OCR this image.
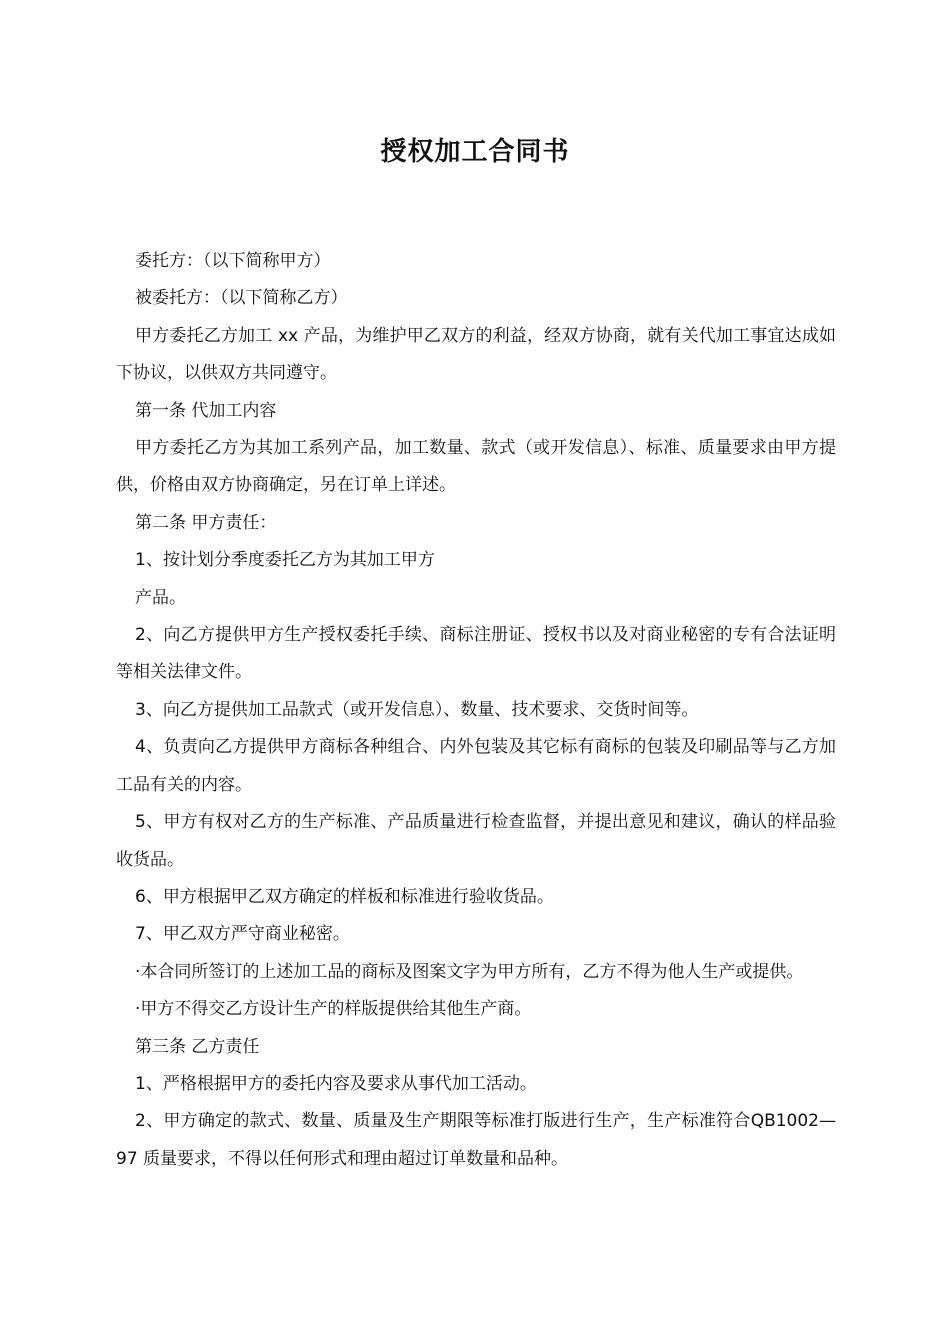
授权加工合同书

委托方：（以下简称甲方）

被委托方：（以下简称乙方）

甲方委托乙方加工 xx 产品，为维护甲乙双方的利益，经双方协商，就有关代加工事宜达成如下协议，以供双方共同遵守。

第一条 代加工内容

甲方委托乙方为其加工系列产品，加工数量、款式（或开发信息）、标准、质量要求由甲方提供，价格由双方协商确定，另在订单上详述。

第二条 甲方责任：

1、按计划分季度委托乙方为其加工甲方

产品。

2、向乙方提供甲方生产授权委托手续、商标注册证、授权书以及对商业秘密的专有合法证明等相关法律文件。

3、向乙方提供加工品款式（或开发信息）、数量、技术要求、交货时间等。

4、负责向乙方提供甲方商标各种组合、内外包装及其它标有商标的包装及印刷品等与乙方加工品有关的内容。

5、甲方有权对乙方的生产标准、产品质量进行检查监督，并提出意见和建议，确认的样品验收货品。

6、甲方根据甲乙双方确定的样板和标准进行验收货品。

7、甲乙双方严守商业秘密。

·本合同所签订的上述加工品的商标及图案文字为甲方所有，乙方不得为他人生产或提供。

·甲方不得交乙方设计生产的样版提供给其他生产商。

第三条 乙方责任

1、严格根据甲方的委托内容及要求从事代加工活动。

2、甲方确定的款式、数量、质量及生产期限等标准打版进行生产，生产标准符合QB1002—97 质量要求，不得以任何形式和理由超过订单数量和品种。
